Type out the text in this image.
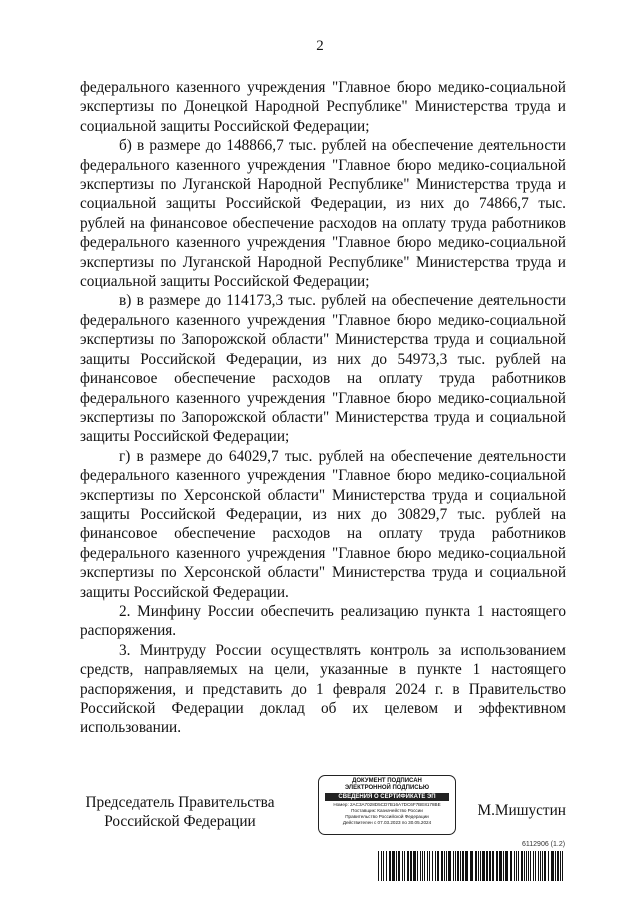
2

федерального казенного учреждения "Главное бюро медико-социальной экспертизы по Донецкой Народной Республике" Министерства труда и социальной защиты Российской Федерации;

б) в размере до 148866,7 тыс. рублей на обеспечение деятельности федерального казенного учреждения "Главное бюро медико-социальной экспертизы по Луганской Народной Республике" Министерства труда и социальной защиты Российской Федерации, из них до 74866,7 тыс. рублей на финансовое обеспечение расходов на оплату труда работников федерального казенного учреждения "Главное бюро медико-социальной экспертизы по Луганской Народной Республике" Министерства труда и социальной защиты Российской Федерации;

в) в размере до 114173,3 тыс. рублей на обеспечение деятельности федерального казенного учреждения "Главное бюро медико-социальной экспертизы по Запорожской области" Министерства труда и социальной защиты Российской Федерации, из них до 54973,3 тыс. рублей на финансовое обеспечение расходов на оплату труда работников федерального казенного учреждения "Главное бюро медико-социальной экспертизы по Запорожской области" Министерства труда и социальной защиты Российской Федерации;

г) в размере до 64029,7 тыс. рублей на обеспечение деятельности федерального казенного учреждения "Главное бюро медико-социальной экспертизы по Херсонской области" Министерства труда и социальной защиты Российской Федерации, из них до 30829,7 тыс. рублей на финансовое обеспечение расходов на оплату труда работников федерального казенного учреждения "Главное бюро медико-социальной экспертизы по Херсонской области" Министерства труда и социальной защиты Российской Федерации.

2. Минфину России обеспечить реализацию пункта 1 настоящего распоряжения.

3. Минтруду России осуществлять контроль за использованием средств, направляемых на цели, указанные в пункте 1 настоящего распоряжения, и представить до 1 февраля 2024 г. в Правительство Российской Федерации доклад об их целевом и эффективном использовании.

Председатель Правительства
Российской Федерации
ДОКУМЕНТ ПОДПИСАН
ЭЛЕКТРОННОЙ ПОДПИСЬЮ
СВЕДЕНИЯ О СЕРТИФИКАТЕ ЭП
Номер: 2AC3A7028D5CD7B16A7DC6F7BE8178BE
Поставщик: Казначейство России
Правительство Российской Федерации
Действителен с 07.03.2023 по 30.05.2024
М.Мишустин
6112906 (1.2)
